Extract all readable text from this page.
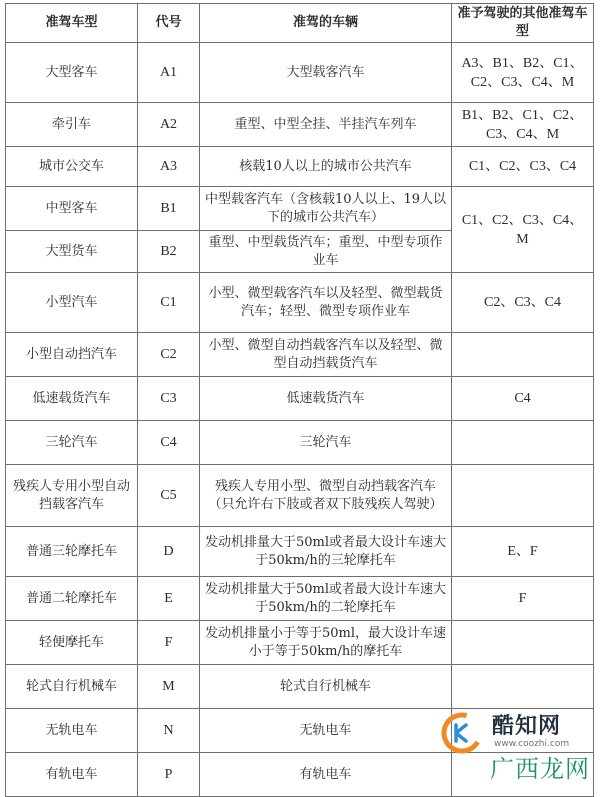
准驾车型	代号	准驾的车辆	准予驾驶的其他准驾车型
大型客车	A1	大型载客汽车	A3、B1、B2、C1、C2、C3、C4、M
牵引车	A2	重型、中型全挂、半挂汽车列车	B1、B2、C1、C2、C3、C4、M
城市公交车	A3	核载10人以上的城市公共汽车	C1、C2、C3、C4
中型客车	B1	中型载客汽车（含核载10人以上、19人以下的城市公共汽车）	C1、C2、C3、C4、M
大型货车	B2	重型、中型载货汽车；重型、中型专项作业车	
小型汽车	C1	小型、微型载客汽车以及轻型、微型载货汽车；轻型、微型专项作业车	C2、C3、C4
小型自动挡汽车	C2	小型、微型自动挡载客汽车以及轻型、微型自动挡载货汽车	
低速载货汽车	C3	低速载货汽车	C4
三轮汽车	C4	三轮汽车	
残疾人专用小型自动挡载客汽车	C5	残疾人专用小型、微型自动挡载客汽车（只允许右下肢或者双下肢残疾人驾驶）	
普通三轮摩托车	D	发动机排量大于50ml或者最大设计车速大于50km/h的三轮摩托车	E、F
普通二轮摩托车	E	发动机排量大于50ml或者最大设计车速大于50km/h的二轮摩托车	F
轻便摩托车	F	发动机排量小于等于50ml，最大设计车速小于等于50km/h的摩托车	
轮式自行机械车	M	轮式自行机械车	
无轨电车	N	无轨电车	
有轨电车	P	有轨电车	
酷知网
www.coozhi.com
广西龙网
